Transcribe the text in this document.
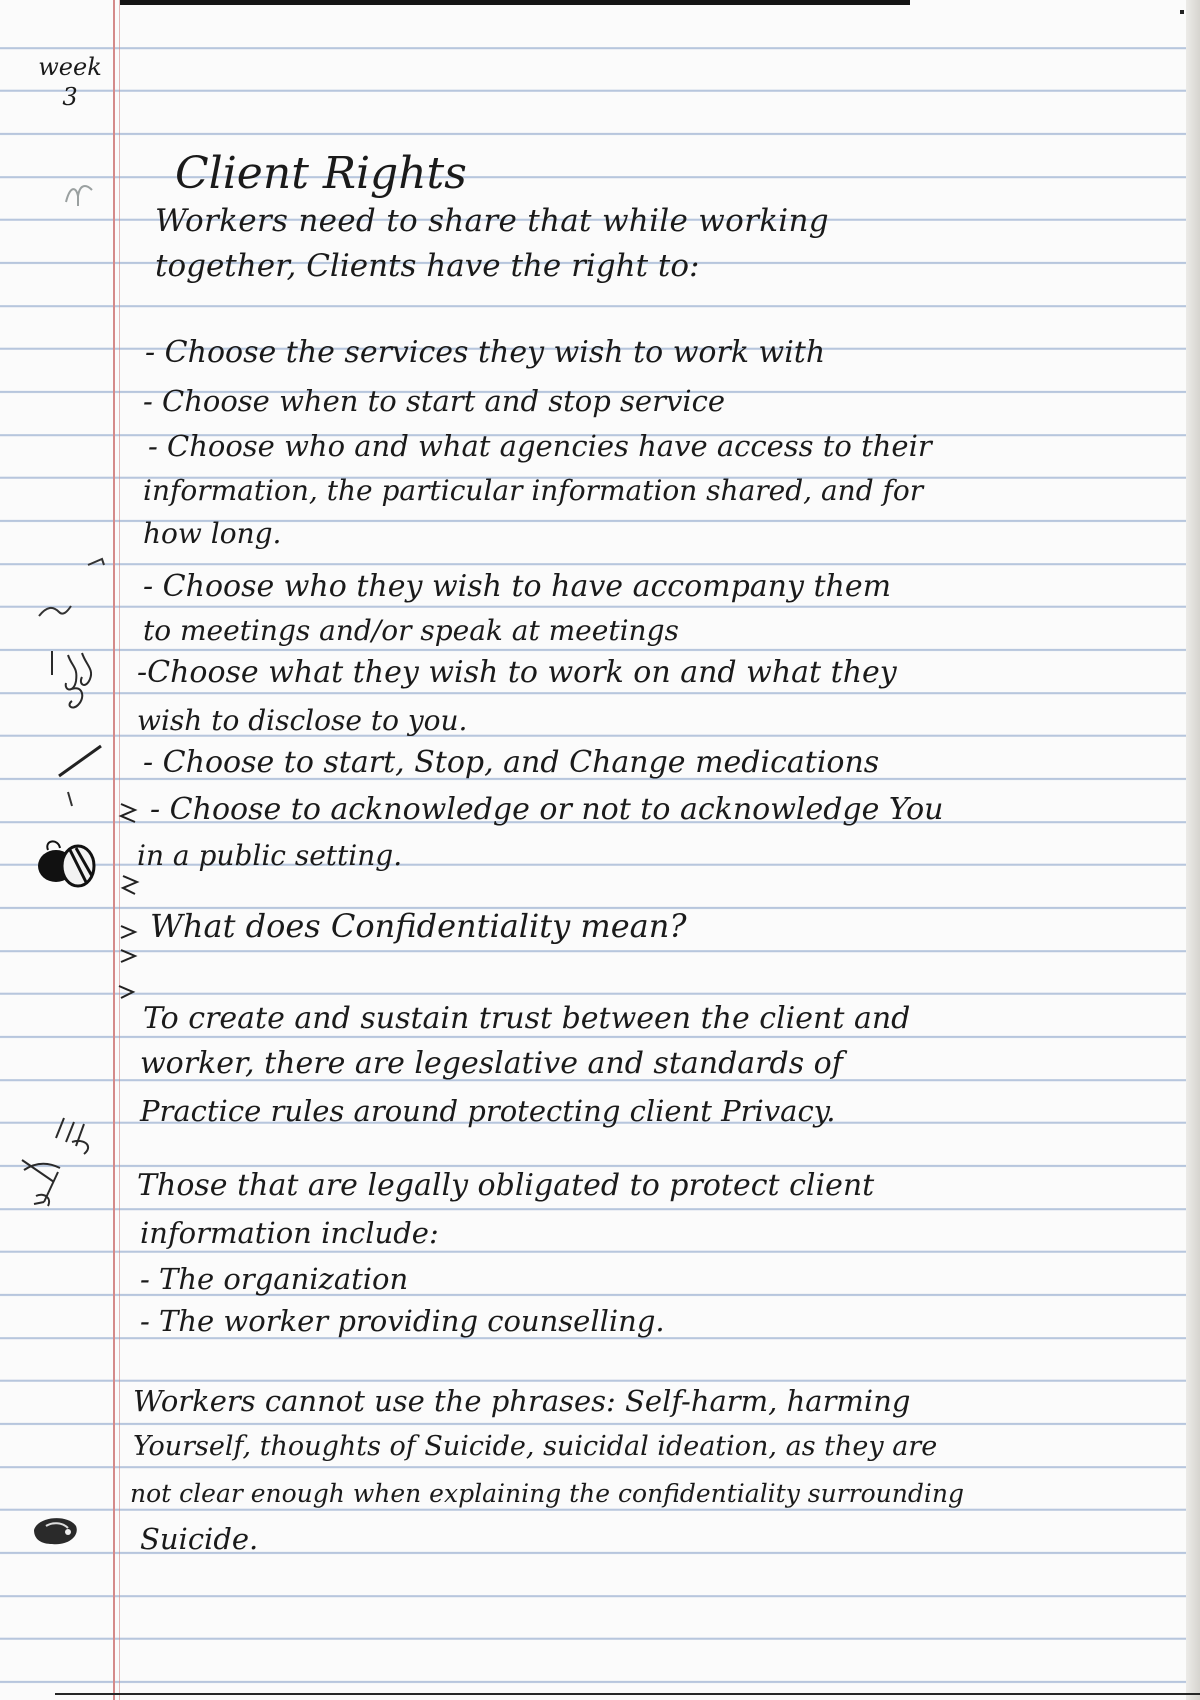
week
3

Client Rights

Workers need to share that while working

together, Clients have the right to:

- Choose the services they wish to work with

- Choose when to start and stop service

- Choose who and what agencies have access to their

information, the particular information shared, and for

how long.

- Choose who they wish to have accompany them

to meetings and/or speak at meetings

-Choose what they wish to work on and what they

wish to disclose to you.

- Choose to start, Stop, and Change medications

- Choose to acknowledge or not to acknowledge You

in a public setting.

What does Confidentiality mean?

To create and sustain trust between the client and

worker, there are legeslative and standards of

Practice rules around protecting client Privacy.

Those that are legally obligated to protect client

information include:

- The organization

- The worker providing counselling.

Workers cannot use the phrases: Self-harm, harming

Yourself, thoughts of Suicide, suicidal ideation, as they are

not clear enough when explaining the confidentiality surrounding

Suicide.
